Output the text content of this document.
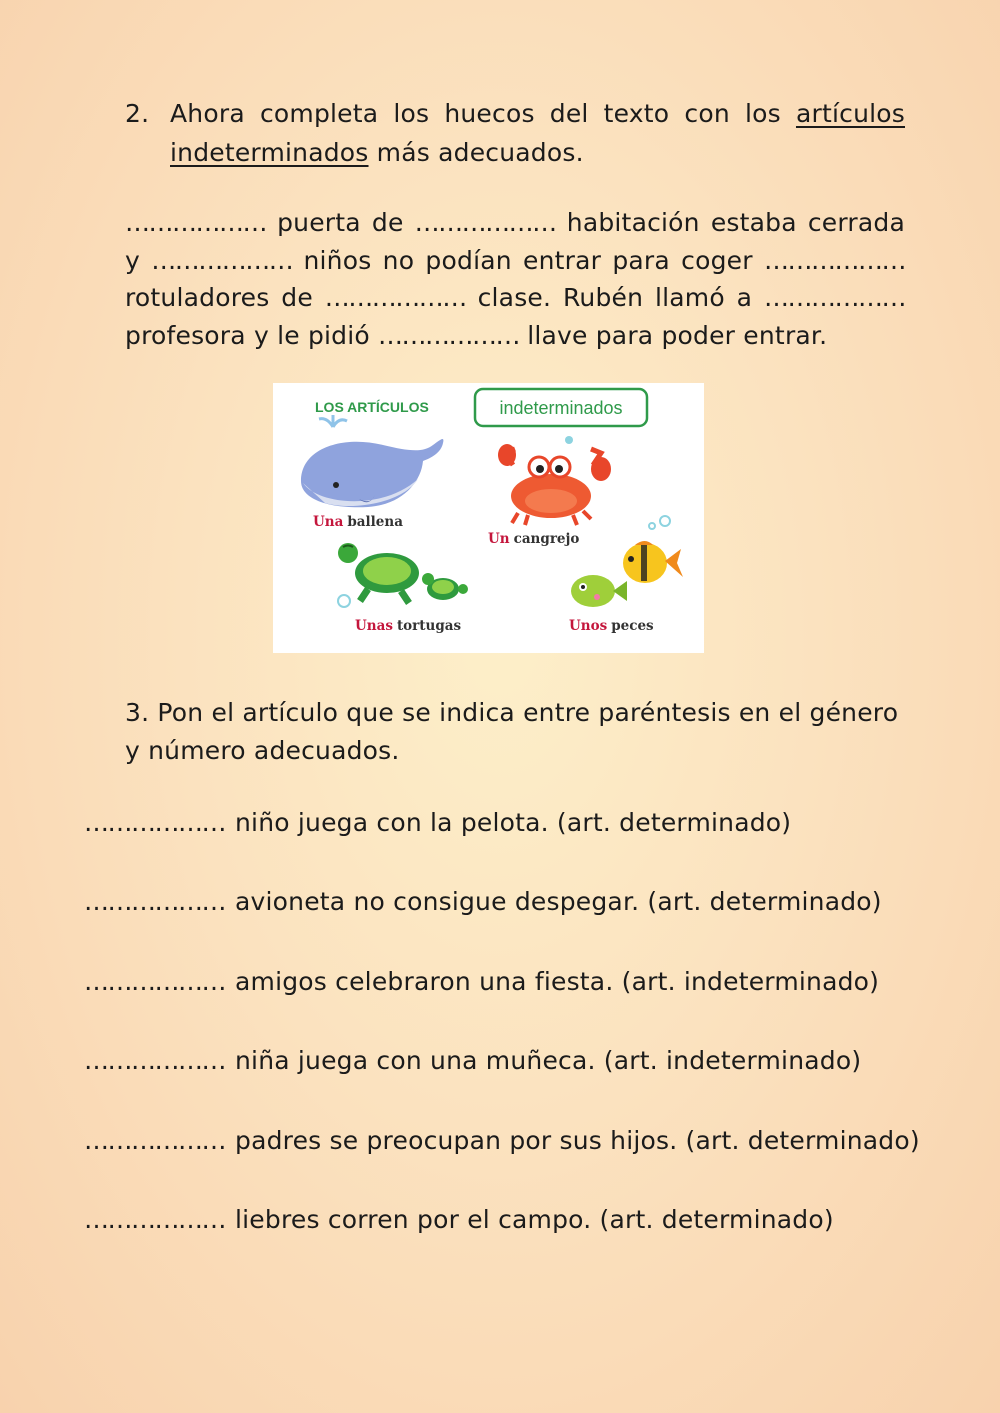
2. Ahora completa los huecos del texto con los artículos indeterminados más adecuados.
……………… puerta de ……………… habitación estaba cerrada y ……………… niños no podían entrar para coger ……………… rotuladores de ……………… clase. Rubén llamó a ……………… profesora y le pidió ……………… llave para poder entrar.
LOS ARTÍCULOS	indeterminados
Una ballena
Un cangrejo
Unas tortugas	Unos peces
3. Pon el artículo que se indica entre paréntesis en el género y número adecuados.
……………… niño juega con la pelota. (art. determinado)
……………… avioneta no consigue despegar. (art. determinado)
……………… amigos celebraron una fiesta. (art. indeterminado)
……………… niña juega con una muñeca. (art. indeterminado)
……………… padres se preocupan por sus hijos. (art. determinado)
……………… liebres corren por el campo. (art. determinado)
